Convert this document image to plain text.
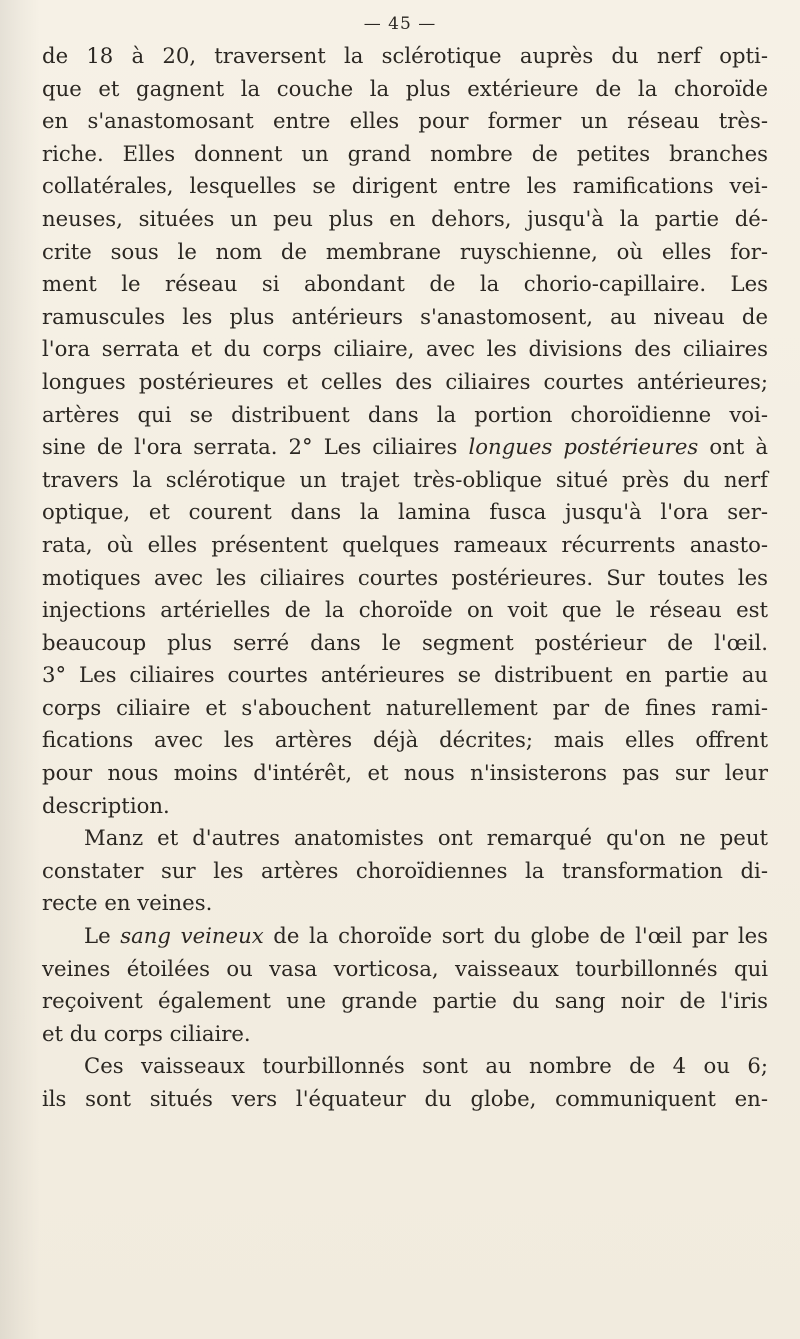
— 45 —
de 18 à 20, traversent la sclérotique auprès du nerf opti-
que et gagnent la couche la plus extérieure de la choroïde
en s'anastomosant entre elles pour former un réseau très-
riche. Elles donnent un grand nombre de petites branches
collatérales, lesquelles se dirigent entre les ramifications vei-
neuses, situées un peu plus en dehors, jusqu'à la partie dé-
crite sous le nom de membrane ruyschienne, où elles for-
ment le réseau si abondant de la chorio-capillaire. Les
ramuscules les plus antérieurs s'anastomosent, au niveau de
l'ora serrata et du corps ciliaire, avec les divisions des ciliaires
longues postérieures et celles des ciliaires courtes antérieures;
artères qui se distribuent dans la portion choroïdienne voi-
sine de l'ora serrata. 2° Les ciliaires longues postérieures ont à
travers la sclérotique un trajet très-oblique situé près du nerf
optique, et courent dans la lamina fusca jusqu'à l'ora ser-
rata, où elles présentent quelques rameaux récurrents anasto-
motiques avec les ciliaires courtes postérieures. Sur toutes les
injections artérielles de la choroïde on voit que le réseau est
beaucoup plus serré dans le segment postérieur de l'œil.
3° Les ciliaires courtes antérieures se distribuent en partie au
corps ciliaire et s'abouchent naturellement par de fines rami-
fications avec les artères déjà décrites; mais elles offrent
pour nous moins d'intérêt, et nous n'insisterons pas sur leur
description.
Manz et d'autres anatomistes ont remarqué qu'on ne peut
constater sur les artères choroïdiennes la transformation di-
recte en veines.
Le sang veineux de la choroïde sort du globe de l'œil par les
veines étoilées ou vasa vorticosa, vaisseaux tourbillonnés qui
reçoivent également une grande partie du sang noir de l'iris
et du corps ciliaire.
Ces vaisseaux tourbillonnés sont au nombre de 4 ou 6;
ils sont situés vers l'équateur du globe, communiquent en-
